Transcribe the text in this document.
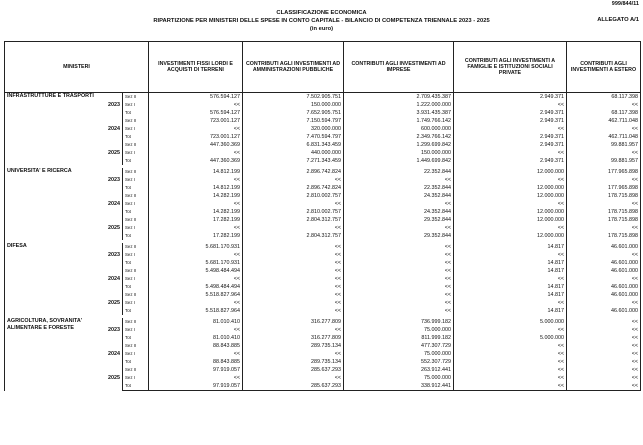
999/844/11
CLASSIFICAZIONE ECONOMICA
RIPARTIZIONE PER MINISTERI DELLE SPESE IN CONTO CAPITALE - BILANCIO DI COMPETENZA TRIENNALE 2023 - 2025
(in euro)
ALLEGATO A/1
MINISTERI			INVESTIMENTI FISSI LORDI E ACQUISTI DI TERRENI	CONTRIBUTI AGLI INVESTIMENTI AD AMMINISTRAZIONI PUBBLICHE	CONTRIBUTI AGLI INVESTIMENTI AD IMPRESE	CONTRIBUTI AGLI INVESTIMENTI A FAMIGLIE E ISTITUZIONI SOCIALI PRIVATE	CONTRIBUTI AGLI INVESTIMENTI A ESTERO
INFRASTRUTTURE E TRASPORTI	2023	Sez II	576.594.127	7.502.905.751	2.709.435.387	2.949.371	68.117.398
		Sez I	<<	150.000.000	1.222.000.000	<<	<<
		Tot	576.594.127	7.652.905.751	3.931.435.387	2.949.371	68.117.398
	2024	Sez II	723.001.127	7.150.594.797	1.749.766.142	2.949.371	462.711.048
		Sez I	<<	320.000.000	600.000.000	<<	<<
		Tot	723.001.127	7.470.594.797	2.349.766.142	2.949.371	462.711.048
	2025	Sez II	447.360.369	6.831.343.459	1.299.699.842	2.949.371	99.881.957
		Sez I	<<	440.000.000	150.000.000	<<	<<
		Tot	447.360.369	7.271.343.459	1.449.699.842	2.949.371	99.881.957

UNIVERSITA' E RICERCA	2023	Sez II	14.812.199	2.896.742.824	22.352.844	12.000.000	177.965.898
		Sez I	<<	<<	<<	<<	<<
		Tot	14.812.199	2.896.742.824	22.352.844	12.000.000	177.965.898
	2024	Sez II	14.282.199	2.810.002.757	24.352.844	12.000.000	178.715.898
		Sez I	<<	<<	<<	<<	<<
		Tot	14.282.199	2.810.002.757	24.352.844	12.000.000	178.715.898
	2025	Sez II	17.282.199	2.804.312.757	29.352.844	12.000.000	178.715.898
		Sez I	<<	<<	<<	<<	<<
		Tot	17.282.199	2.804.312.757	29.352.844	12.000.000	178.715.898

DIFESA	2023	Sez II	5.681.170.931	<<	<<	14.817	46.601.000
		Sez I	<<	<<	<<	<<	<<
		Tot	5.681.170.931	<<	<<	14.817	46.601.000
	2024	Sez II	5.498.484.494	<<	<<	14.817	46.601.000
		Sez I	<<	<<	<<	<<	<<
		Tot	5.498.484.494	<<	<<	14.817	46.601.000
	2025	Sez II	5.518.827.964	<<	<<	14.817	46.601.000
		Sez I	<<	<<	<<	<<	<<
		Tot	5.518.827.964	<<	<<	14.817	46.601.000

AGRICOLTURA, SOVRANITA' ALIMENTARE E FORESTE	2023	Sez II	81.010.410	316.277.809	736.999.182	5.000.000	<<
		Sez I	<<	<<	75.000.000	<<	<<
		Tot	81.010.410	316.277.809	811.999.182	5.000.000	<<
	2024	Sez II	88.843.885	289.735.134	477.307.729	<<	<<
		Sez I	<<	<<	75.000.000	<<	<<
		Tot	88.843.885	289.735.134	552.307.729	<<	<<
	2025	Sez II	97.919.057	285.637.293	263.912.441	<<	<<
		Sez I	<<	<<	75.000.000	<<	<<
		Tot	97.919.057	285.637.293	338.912.441	<<	<<
